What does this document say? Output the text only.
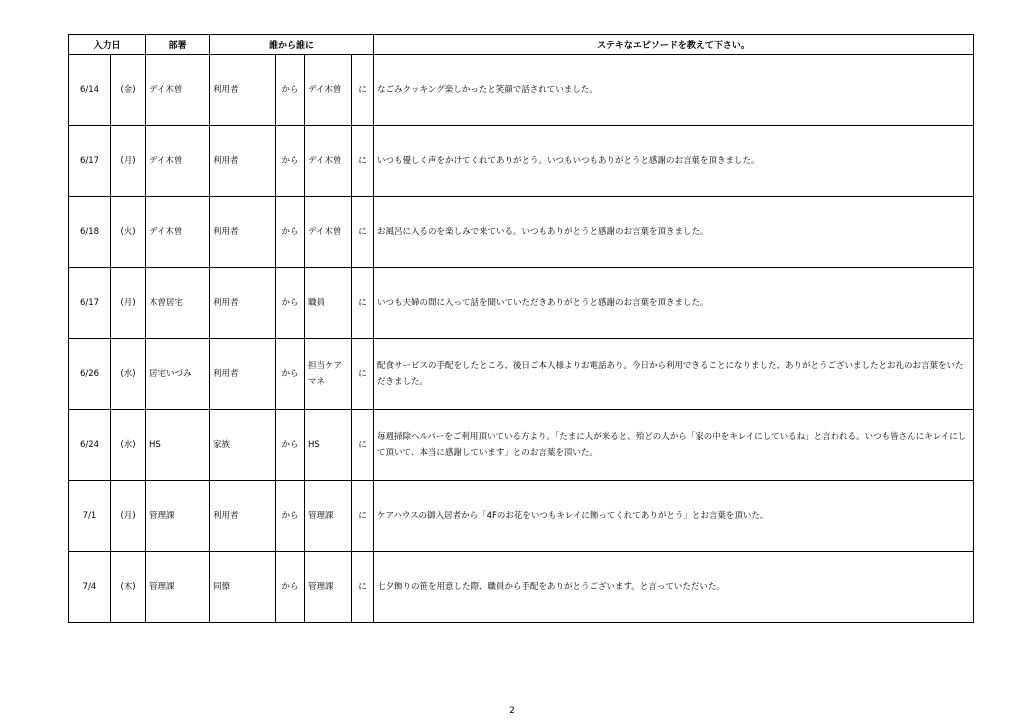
入力日		部署	誰から誰に				ステキなエピソードを教えて下さい。
6/14	(金)	デイ木曽	利用者	から	デイ木曽	に	なごみクッキング楽しかったと笑顔で話されていました。
6/17	(月)	デイ木曽	利用者	から	デイ木曽	に	いつも優しく声をかけてくれてありがとう。いつもいつもありがとうと感謝のお言葉を頂きました。
6/18	(火)	デイ木曽	利用者	から	デイ木曽	に	お風呂に入るのを楽しみで来ている。いつもありがとうと感謝のお言葉を頂きました。
6/17	(月)	木曽居宅	利用者	から	職員	に	いつも夫婦の間に入って話を聞いていただきありがとうと感謝のお言葉を頂きました。
6/26	(水)	居宅いづみ	利用者	から	担当ケアマネ	に	配食サービスの手配をしたところ、後日ご本人様よりお電話あり。今日から利用できることになりました、ありがとうございましたとお礼のお言葉をいただきました。
6/24	(水)	HS	家族	から	HS	に	毎週掃除ヘルパーをご利用頂いている方より。「たまに人が来ると、殆どの人から「家の中をキレイにしているね」と言われる。いつも皆さんにキレイにして頂いて、本当に感謝しています」とのお言葉を頂いた。
7/1	(月)	管理課	利用者	から	管理課	に	ケアハウスの御入居者から「4Fのお花をいつもキレイに飾ってくれてありがとう」とお言葉を頂いた。
7/4	(木)	管理課	同僚	から	管理課	に	七夕飾りの笹を用意した際、職員から手配をありがとうございます。と言っていただいた。
2
